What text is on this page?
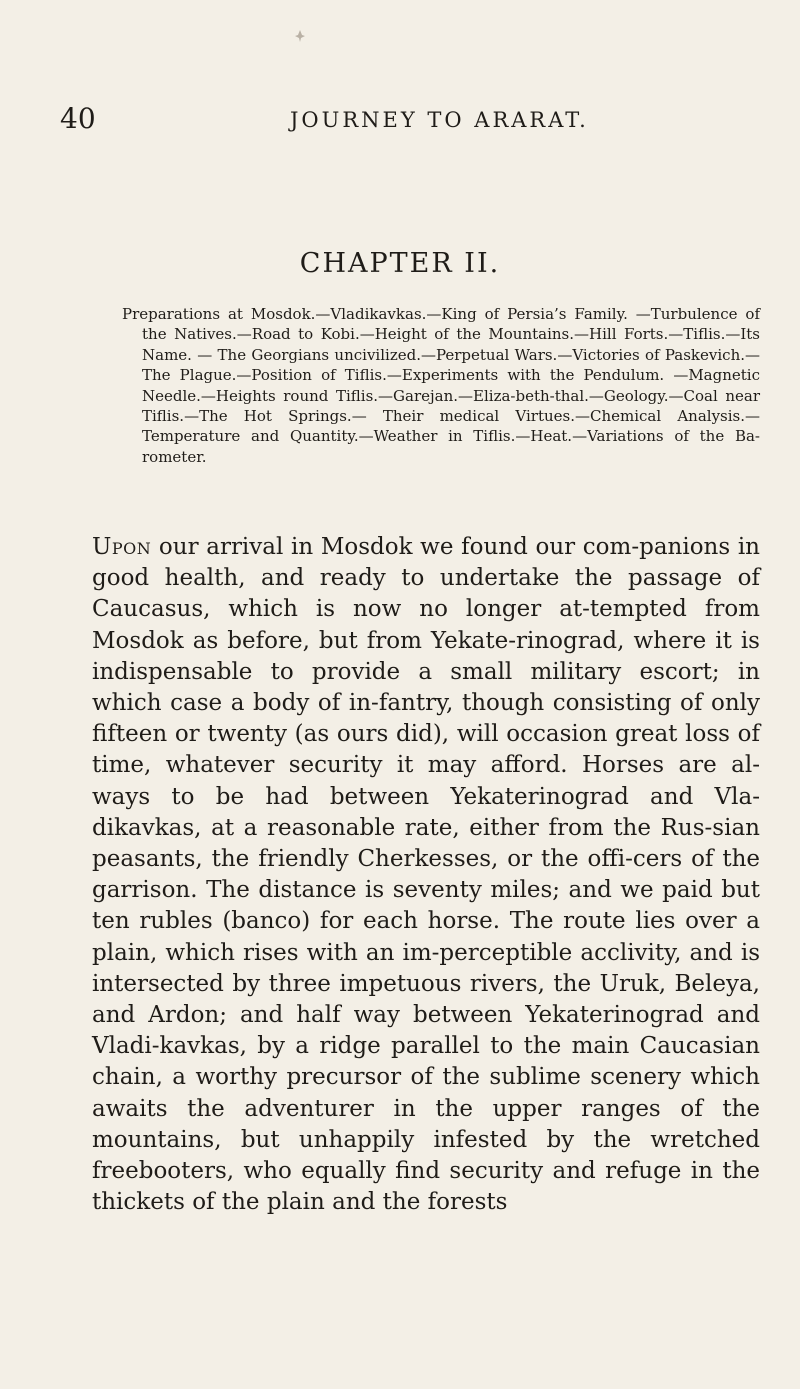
40	JOURNEY TO ARARAT.
CHAPTER II.
Preparations at Mosdok.—Vladikavkas.—King of Persia’s Family. —Turbulence of the Natives.—Road to Kobi.—Height of the Mountains.—Hill Forts.—Tiflis.—Its Name. — The Georgians uncivilized.—Perpetual Wars.—Victories of Paskevich.—The Plague.—Position of Tiflis.—Experiments with the Pendulum. —Magnetic Needle.—Heights round Tiflis.—Garejan.—Eliza-beth-thal.—Geology.—Coal near Tiflis.—The Hot Springs.— Their medical Virtues.—Chemical Analysis.—Temperature and Quantity.—Weather in Tiflis.—Heat.—Variations of the Ba-rometer.

Upon our arrival in Mosdok we found our com-panions in good health, and ready to undertake the passage of Caucasus, which is now no longer at-tempted from Mosdok as before, but from Yekate-rinograd, where it is indispensable to provide a small military escort; in which case a body of in-fantry, though consisting of only fifteen or twenty (as ours did), will occasion great loss of time, whatever security it may afford. Horses are al-ways to be had between Yekaterinograd and Vla-dikavkas, at a reasonable rate, either from the Rus-sian peasants, the friendly Cherkesses, or the offi-cers of the garrison. The distance is seventy miles; and we paid but ten rubles (banco) for each horse. The route lies over a plain, which rises with an im-perceptible acclivity, and is intersected by three impetuous rivers, the Uruk, Beleya, and Ardon; and half way between Yekaterinograd and Vladi-kavkas, by a ridge parallel to the main Caucasian chain, a worthy precursor of the sublime scenery which awaits the adventurer in the upper ranges of the mountains, but unhappily infested by the wretched freebooters, who equally find security and refuge in the thickets of the plain and the forests
